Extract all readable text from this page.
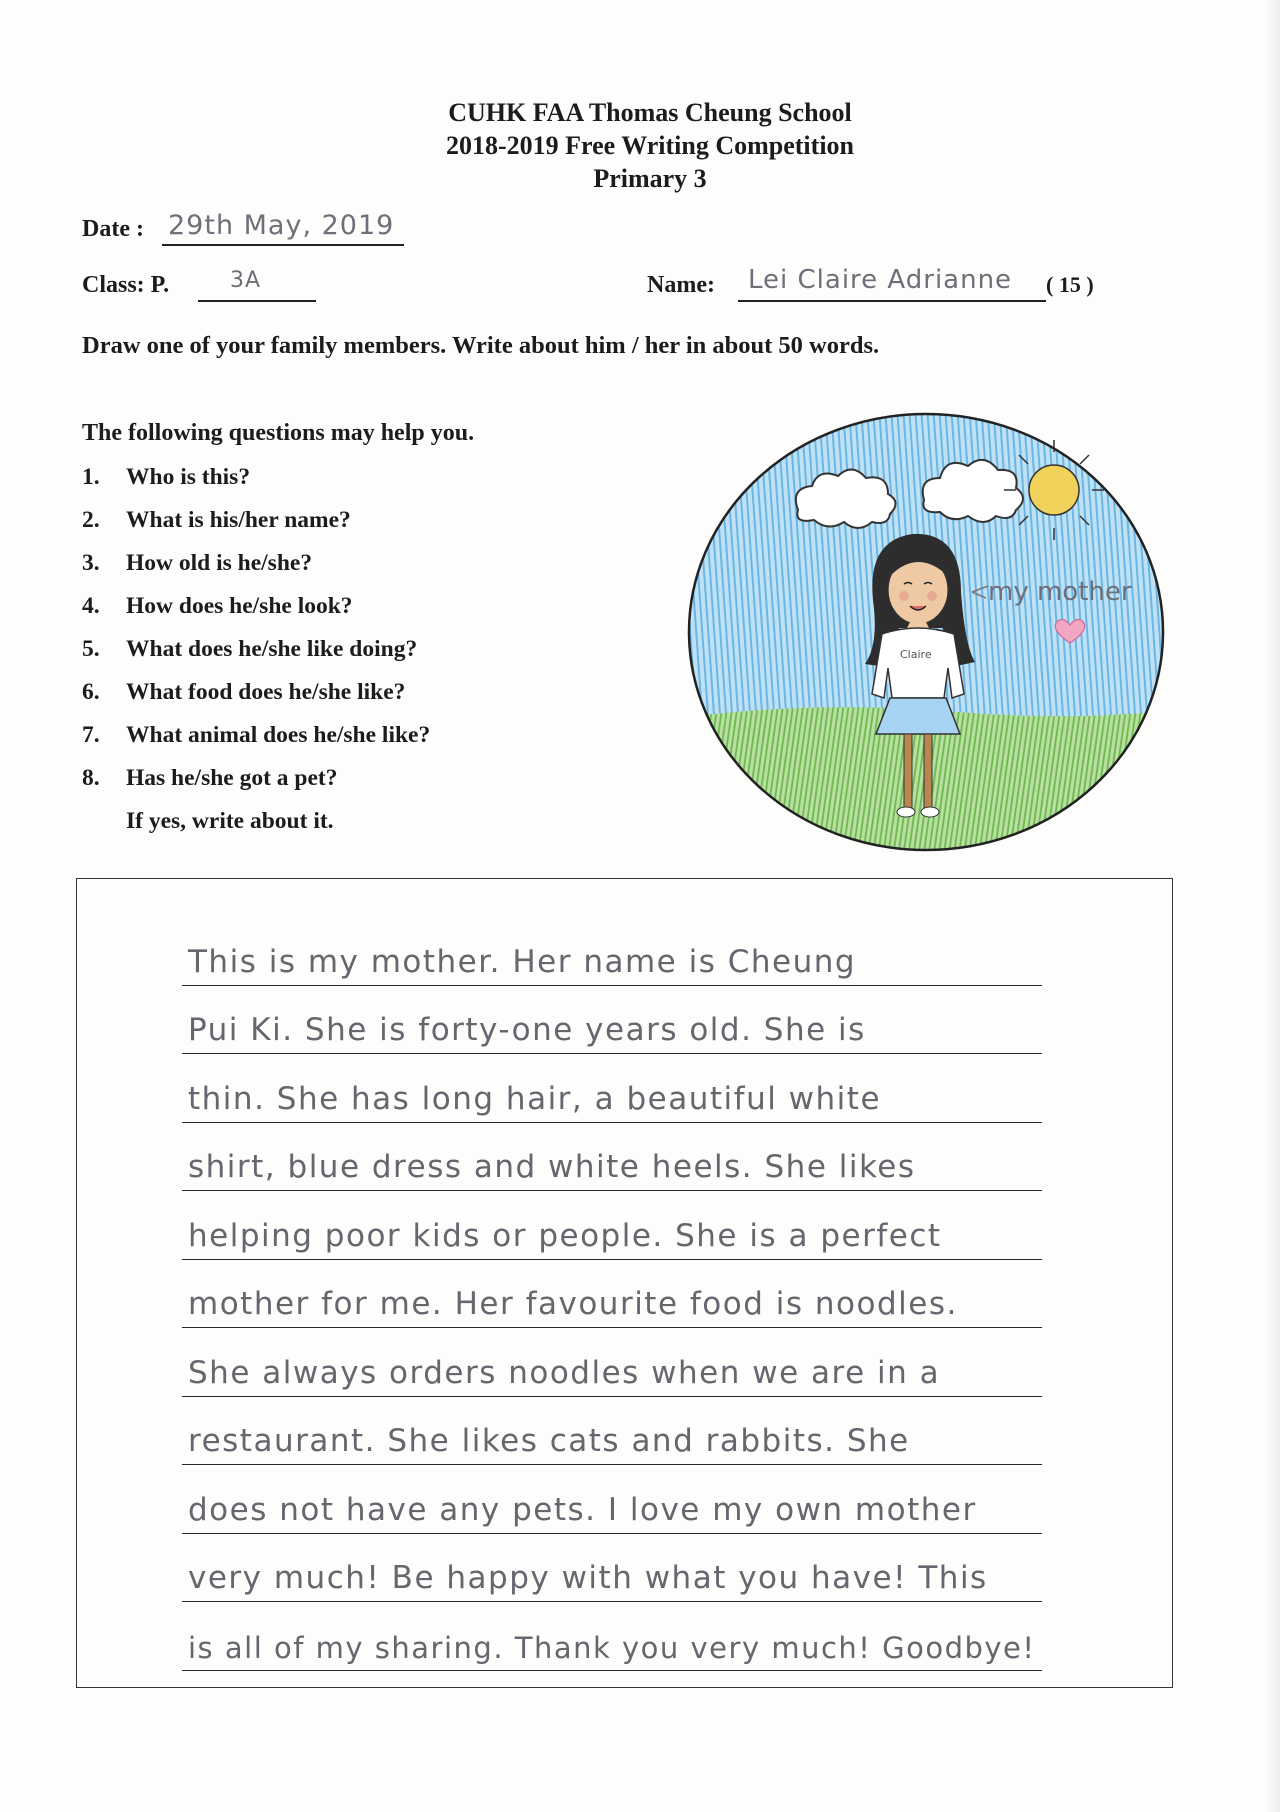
CUHK FAA Thomas Cheung School
2018-2019 Free Writing Competition
Primary 3
Date : 29th May, 2019
Class: P.	3A	Name: Lei Claire Adrianne ( 15 )
Draw one of your family members. Write about him / her in about 50 words.
The following questions may help you.
1. Who is this?
2. What is his/her name?
3. How old is he/she?
4. How does he/she look?
5. What does he/she like doing?
6. What food does he/she like?
7. What animal does he/she like?
8. Has he/she got a pet?
If yes, write about it.
Claire
my mother
This is my mother. Her name is Cheung
Pui Ki. She is forty-one years old. She is
thin. She has long hair, a beautiful white
shirt, blue dress and white heels. She likes
helping poor kids or people. She is a perfect
mother for me. Her favourite food is noodles.
She always orders noodles when we are in a
restaurant. She likes cats and rabbits. She
does not have any pets. I love my own mother
very much! Be happy with what you have! This
is all of my sharing. Thank you very much! Goodbye!
